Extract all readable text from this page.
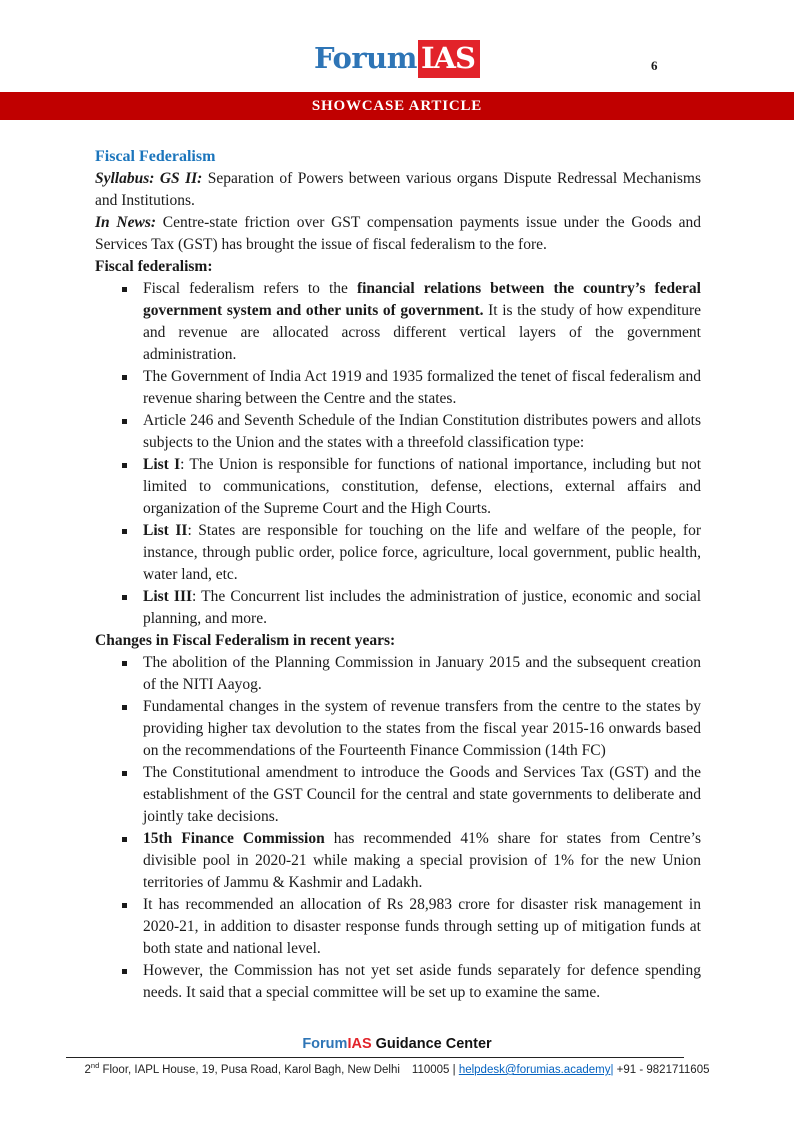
Forum IAS	6
SHOWCASE ARTICLE
Fiscal Federalism
Syllabus: GS II: Separation of Powers between various organs Dispute Redressal Mechanisms and Institutions.
In News: Centre-state friction over GST compensation payments issue under the Goods and Services Tax (GST) has brought the issue of fiscal federalism to the fore.
Fiscal federalism:
Fiscal federalism refers to the financial relations between the country’s federal government system and other units of government. It is the study of how expenditure and revenue are allocated across different vertical layers of the government administration.
The Government of India Act 1919 and 1935 formalized the tenet of fiscal federalism and revenue sharing between the Centre and the states.
Article 246 and Seventh Schedule of the Indian Constitution distributes powers and allots subjects to the Union and the states with a threefold classification type:
List I: The Union is responsible for functions of national importance, including but not limited to communications, constitution, defense, elections, external affairs and organization of the Supreme Court and the High Courts.
List II: States are responsible for touching on the life and welfare of the people, for instance, through public order, police force, agriculture, local government, public health, water land, etc.
List III: The Concurrent list includes the administration of justice, economic and social planning, and more.
Changes in Fiscal Federalism in recent years:
The abolition of the Planning Commission in January 2015 and the subsequent creation of the NITI Aayog.
Fundamental changes in the system of revenue transfers from the centre to the states by providing higher tax devolution to the states from the fiscal year 2015-16 onwards based on the recommendations of the Fourteenth Finance Commission (14th FC)
The Constitutional amendment to introduce the Goods and Services Tax (GST) and the establishment of the GST Council for the central and state governments to deliberate and jointly take decisions.
15th Finance Commission has recommended 41% share for states from Centre’s divisible pool in 2020-21 while making a special provision of 1% for the new Union territories of Jammu & Kashmir and Ladakh.
It has recommended an allocation of Rs 28,983 crore for disaster risk management in 2020-21, in addition to disaster response funds through setting up of mitigation funds at both state and national level.
However, the Commission has not yet set aside funds separately for defence spending needs. It said that a special committee will be set up to examine the same.
ForumIAS Guidance Center
2nd Floor, IAPL House, 19, Pusa Road, Karol Bagh, New Delhi 110005 | helpdesk@forumias.academy| +91 - 9821711605
